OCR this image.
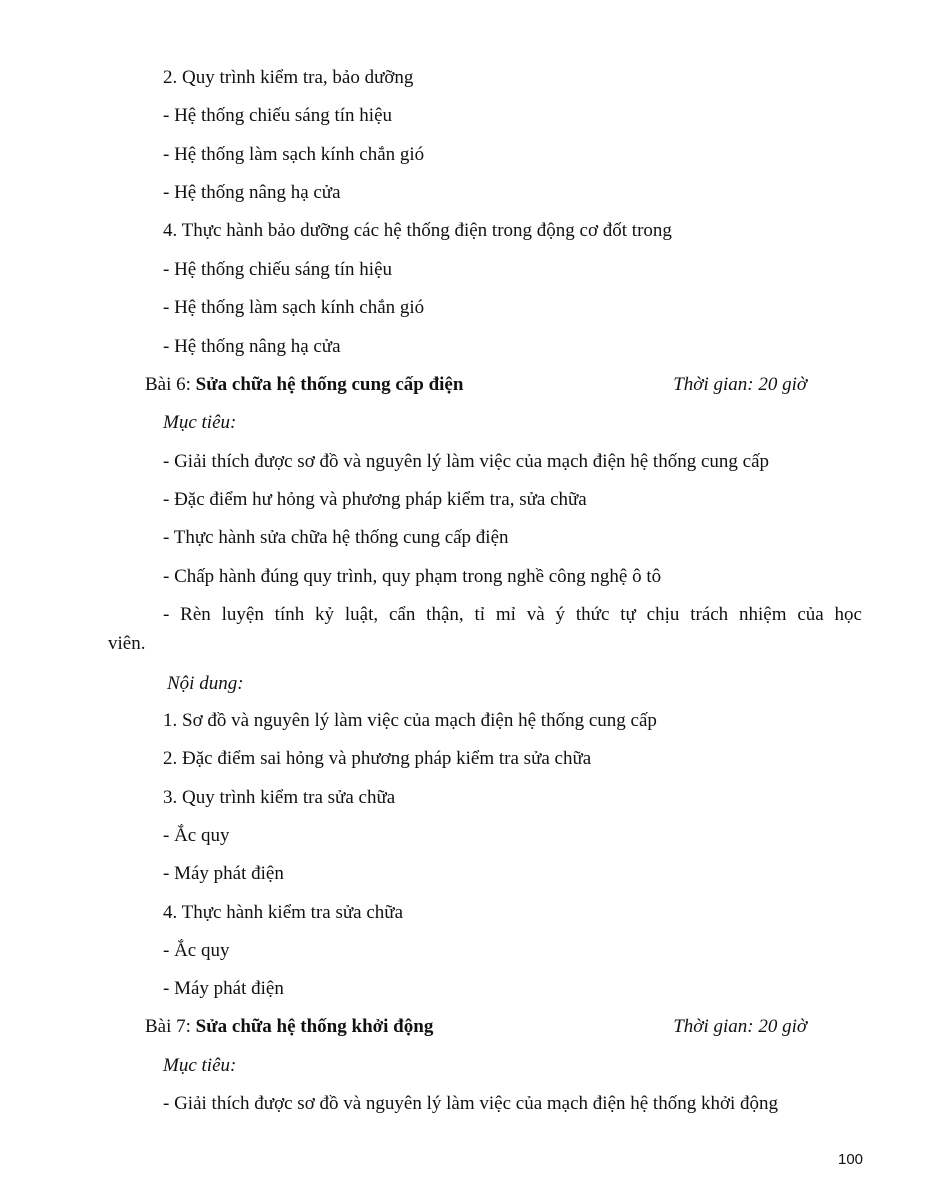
2. Quy trình kiểm tra, bảo dưỡng
- Hệ thống chiếu sáng tín hiệu
- Hệ thống làm sạch kính chắn gió
- Hệ thống nâng hạ cửa
4. Thực hành bảo dưỡng các hệ thống điện trong động cơ đốt trong
- Hệ thống chiếu sáng tín hiệu
- Hệ thống làm sạch kính chắn gió
- Hệ thống nâng hạ cửa
Bài 6: Sửa chữa hệ thống cung cấp điện	Thời gian: 20 giờ
Mục tiêu:
- Giải thích được sơ đồ và nguyên lý làm việc của mạch điện hệ thống cung cấp
- Đặc điểm hư hỏng và phương pháp kiểm tra, sửa chữa
- Thực hành sửa chữa hệ thống cung cấp điện
- Chấp hành đúng quy trình, quy phạm trong nghề công nghệ ô tô
- Rèn luyện tính kỷ luật, cẩn thận, tỉ mỉ và ý thức tự chịu trách nhiệm của học
viên.
Nội dung:
1. Sơ đồ và nguyên lý làm việc của mạch điện hệ thống cung cấp
2. Đặc điểm sai hỏng và phương pháp kiểm tra sửa chữa
3. Quy trình kiểm tra sửa chữa
- Ắc quy
- Máy phát điện
4. Thực hành kiểm tra sửa chữa
- Ắc quy
- Máy phát điện
Bài 7: Sửa chữa hệ thống khởi động	Thời gian: 20 giờ
Mục tiêu:
- Giải thích được sơ đồ và nguyên lý làm việc của mạch điện hệ thống khởi động
100
